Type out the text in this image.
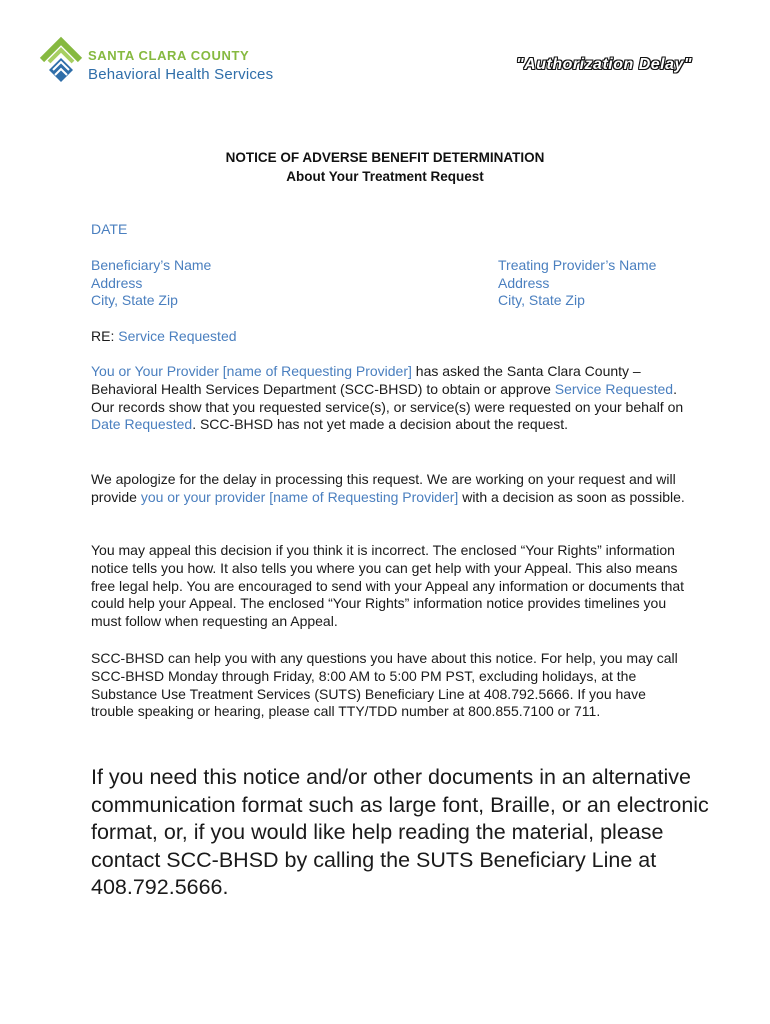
SANTA CLARA COUNTY
Behavioral Health Services
"Authorization Delay"
NOTICE OF ADVERSE BENEFIT DETERMINATION
About Your Treatment Request
DATE
Beneficiary’s Name
Address
City, State Zip
Treating Provider’s Name
Address
City, State Zip
RE: Service Requested
You or Your Provider [name of Requesting Provider] has asked the Santa Clara County – Behavioral Health Services Department (SCC-BHSD) to obtain or approve Service Requested. Our records show that you requested service(s), or service(s) were requested on your behalf on Date Requested. SCC-BHSD has not yet made a decision about the request.
We apologize for the delay in processing this request. We are working on your request and will provide you or your provider [name of Requesting Provider] with a decision as soon as possible.
You may appeal this decision if you think it is incorrect. The enclosed “Your Rights” information notice tells you how. It also tells you where you can get help with your Appeal. This also means free legal help. You are encouraged to send with your Appeal any information or documents that could help your Appeal. The enclosed “Your Rights” information notice provides timelines you must follow when requesting an Appeal.
SCC-BHSD can help you with any questions you have about this notice. For help, you may call SCC-BHSD Monday through Friday, 8:00 AM to 5:00 PM PST, excluding holidays, at the Substance Use Treatment Services (SUTS) Beneficiary Line at 408.792.5666. If you have trouble speaking or hearing, please call TTY/TDD number at 800.855.7100 or 711.
If you need this notice and/or other documents in an alternative communication format such as large font, Braille, or an electronic format, or, if you would like help reading the material, please contact SCC-BHSD by calling the SUTS Beneficiary Line at 408.792.5666.
